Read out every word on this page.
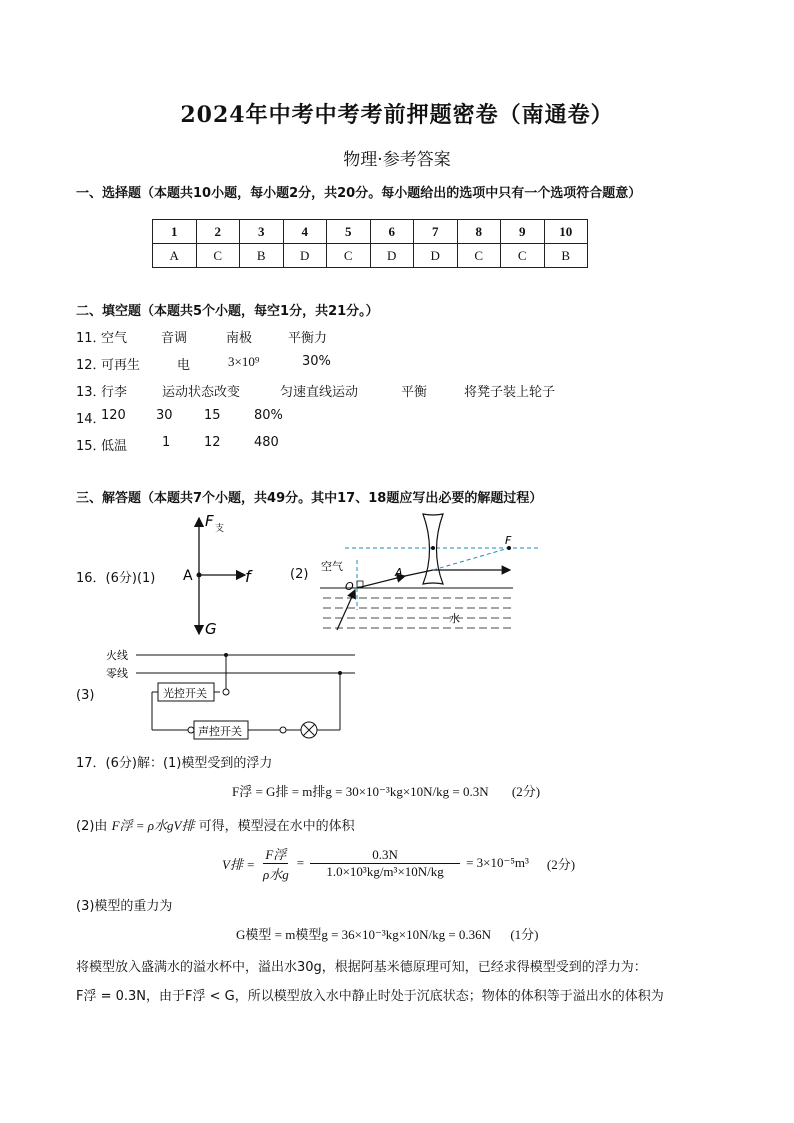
2024年中考中考考前押题密卷（南通卷）
物理·参考答案
一、选择题（本题共10小题，每小题2分，共20分。每小题给出的选项中只有一个选项符合题意）
1	2	3	4	5	6	7	8	9	10
A	C	B	D	C	D	D	C	C	B
二、填空题（本题共5个小题，每空1分，共21分。）
11．
空气	音调	南极	平衡力
12．
可再生	电	3×10⁹	30%
13．
行李	运动状态改变	匀速直线运动	平衡	将凳子装上轮子
14．
120 30 15	80%
15．
低温	1	12	480
三、解答题（本题共7个小题，共49分。其中17、18题应写出必要的解题过程）
16．(6分)(1) A
F 支
f
G
(2)
F
空气
O
A
水
(3)
火线
零线
光控开关
声控开关
17．(6分)解：(1)模型受到的浮力
F浮 = G排 = m排g = 30×10⁻³kg×10N/kg = 0.3N (2分)
(2)由 F浮 = ρ水gV排 可得，模型浸在水中的体积
V排 =
F浮
ρ水g
= $\frac{0.3N}{\text{1.0×10³kg/m³×10N/kg}} = 3\times 10^{-5}m^3$ (2分)
(3)模型的重力为
G模型 = m模型g = 36×10⁻³kg×10N/kg = 0.36N (1分)
将模型放入盛满水的溢水杯中，溢出水30g，根据阿基米德原理可知，已经求得模型受到的浮力为：
F浮 = 0.3N，由于F浮 < G，所以模型放入水中静止时处于沉底状态；物体的体积等于溢出水的体积为
